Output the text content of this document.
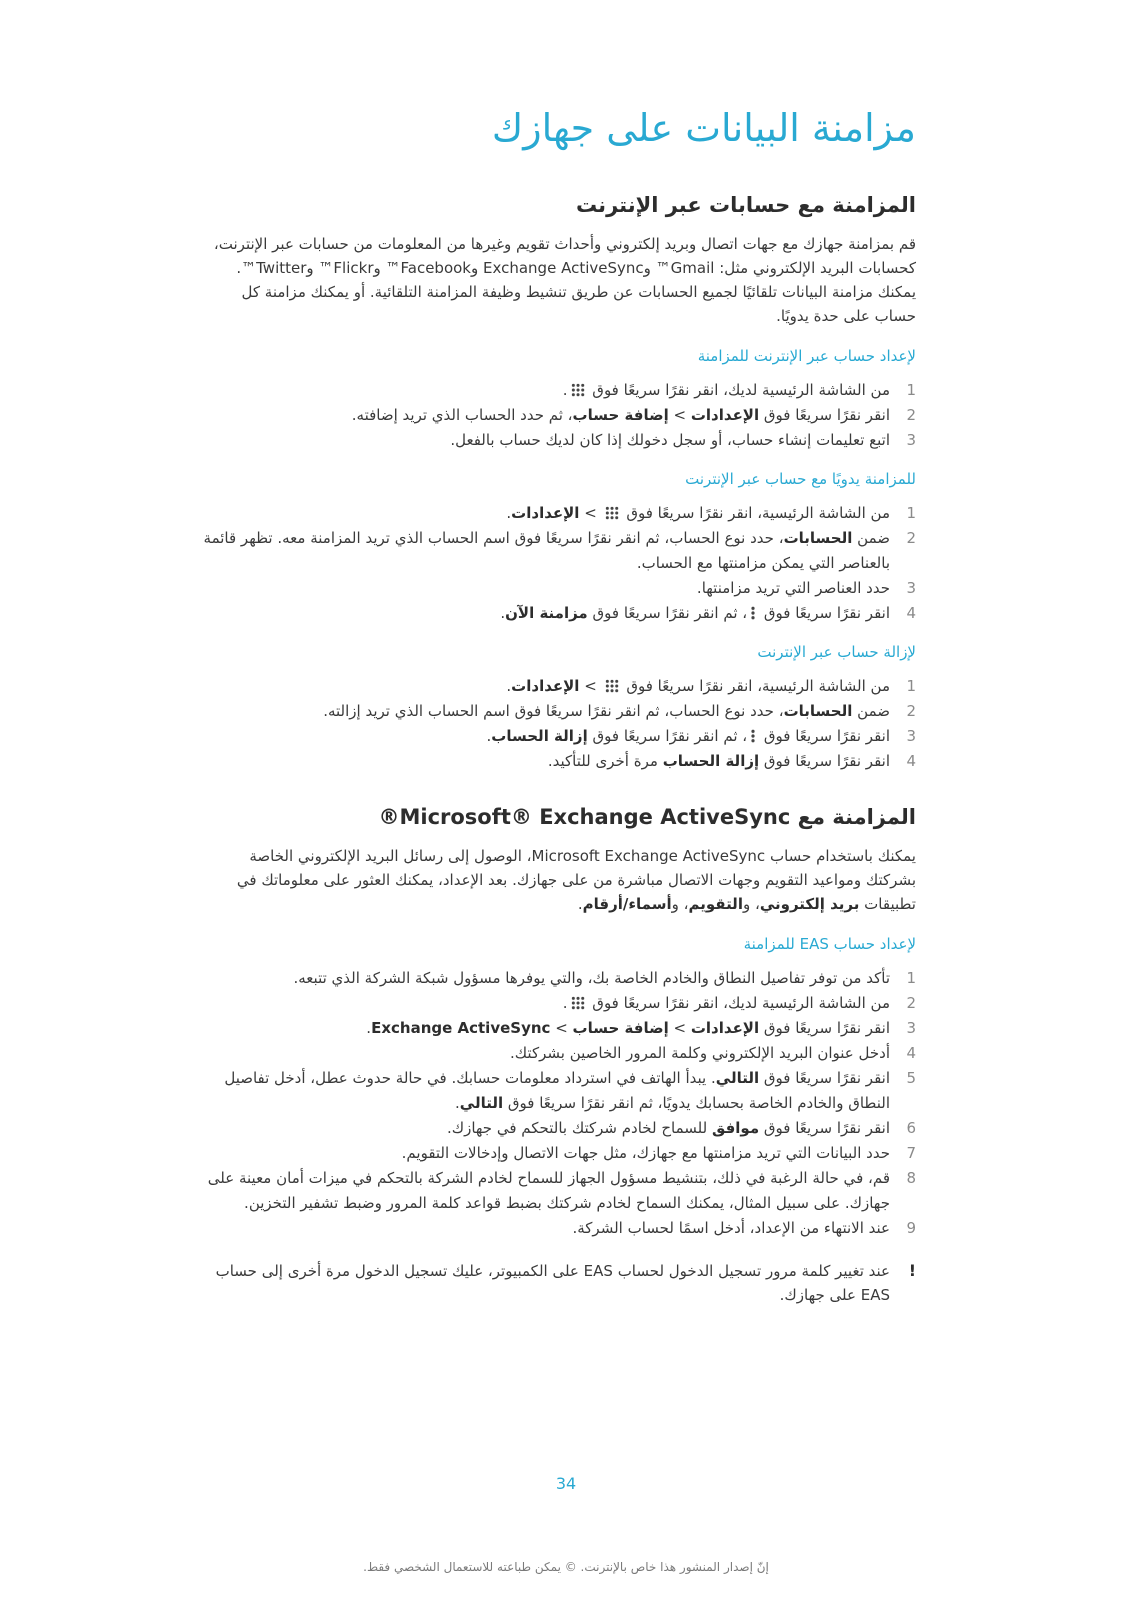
مزامنة البيانات على جهازك
المزامنة مع حسابات عبر الإنترنت

قم بمزامنة جهازك مع جهات اتصال وبريد إلكتروني وأحداث تقويم وغيرها من المعلومات من حسابات عبر الإنترنت، كحسابات البريد الإلكتروني مثل: Gmail™ وExchange ActiveSync وFacebook™ وFlickr™ وTwitter™. يمكنك مزامنة البيانات تلقائيًا لجميع الحسابات عن طريق تنشيط وظيفة المزامنة التلقائية. أو يمكنك مزامنة كل حساب على حدة يدويًا.

لإعداد حساب عبر الإنترنت للمزامنة
1
من الشاشة الرئيسية لديك، انقر نقرًا سريعًا فوق .
2
انقر نقرًا سريعًا فوق الإعدادات > إضافة حساب، ثم حدد الحساب الذي تريد إضافته.
3
اتبع تعليمات إنشاء حساب، أو سجل دخولك إذا كان لديك حساب بالفعل.
للمزامنة يدويًا مع حساب عبر الإنترنت
1
من الشاشة الرئيسية، انقر نقرًا سريعًا فوق  > الإعدادات.
2
ضمن الحسابات، حدد نوع الحساب، ثم انقر نقرًا سريعًا فوق اسم الحساب الذي تريد المزامنة معه. تظهر قائمة بالعناصر التي يمكن مزامنتها مع الحساب.
3
حدد العناصر التي تريد مزامنتها.
4
انقر نقرًا سريعًا فوق ، ثم انقر نقرًا سريعًا فوق مزامنة الآن.
لإزالة حساب عبر الإنترنت
1
من الشاشة الرئيسية، انقر نقرًا سريعًا فوق  > الإعدادات.
2
ضمن الحسابات، حدد نوع الحساب، ثم انقر نقرًا سريعًا فوق اسم الحساب الذي تريد إزالته.
3
انقر نقرًا سريعًا فوق ، ثم انقر نقرًا سريعًا فوق إزالة الحساب.
4
انقر نقرًا سريعًا فوق إزالة الحساب مرة أخرى للتأكيد.
المزامنة مع Microsoft® Exchange ActiveSync®

يمكنك باستخدام حساب Microsoft Exchange ActiveSync، الوصول إلى رسائل البريد الإلكتروني الخاصة بشركتك ومواعيد التقويم وجهات الاتصال مباشرة من على جهازك. بعد الإعداد، يمكنك العثور على معلوماتك في تطبيقات بريد إلكتروني، والتقويم، وأسماء/أرقام.

لإعداد حساب EAS للمزامنة
1
تأكد من توفر تفاصيل النطاق والخادم الخاصة بك، والتي يوفرها مسؤول شبكة الشركة الذي تتبعه.
2
من الشاشة الرئيسية لديك، انقر نقرًا سريعًا فوق .
3
انقر نقرًا سريعًا فوق الإعدادات > إضافة حساب > Exchange ActiveSync.
4
أدخل عنوان البريد الإلكتروني وكلمة المرور الخاصين بشركتك.
5
انقر نقرًا سريعًا فوق التالي. يبدأ الهاتف في استرداد معلومات حسابك. في حالة حدوث عطل، أدخل تفاصيل النطاق والخادم الخاصة بحسابك يدويًا، ثم انقر نقرًا سريعًا فوق التالي.
6
انقر نقرًا سريعًا فوق موافق للسماح لخادم شركتك بالتحكم في جهازك.
7
حدد البيانات التي تريد مزامنتها مع جهازك، مثل جهات الاتصال وإدخالات التقويم.
8
قم، في حالة الرغبة في ذلك، بتنشيط مسؤول الجهاز للسماح لخادم الشركة بالتحكم في ميزات أمان معينة على جهازك. على سبيل المثال، يمكنك السماح لخادم شركتك بضبط قواعد كلمة المرور وضبط تشفير التخزين.
9
عند الانتهاء من الإعداد، أدخل اسمًا لحساب الشركة.
!
عند تغيير كلمة مرور تسجيل الدخول لحساب EAS على الكمبيوتر، عليك تسجيل الدخول مرة أخرى إلى حساب EAS على جهازك.
34
إنّ إصدار المنشور هذا خاص بالإنترنت. © يمكن طباعته للاستعمال الشخصي فقط.
